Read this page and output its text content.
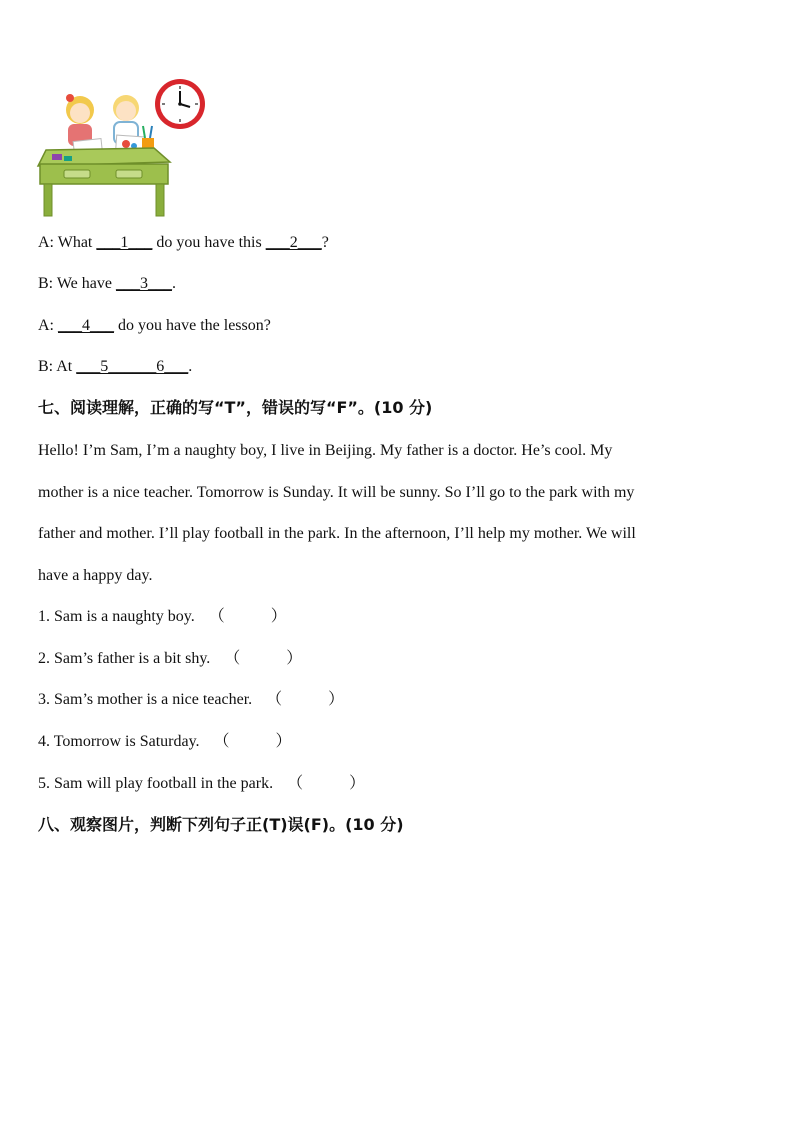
A: What ___1___ do you have this ___2___?
B: We have ___3___.
A: ___4___ do you have the lesson?
B: At ___5______6___.
七、阅读理解，正确的写“T”，错误的写“F”。(10 分)
Hello! I’m Sam, I’m a naughty boy, I live in Beijing. My father is a doctor. He’s cool. My
mother is a nice teacher. Tomorrow is Sunday. It will be sunny. So I’ll go to the park with my
father and mother. I’ll play football in the park. In the afternoon, I’ll help my mother. We will
have a happy day.
1. Sam is a naughty boy. （	）
2. Sam’s father is a bit shy. （	）
3. Sam’s mother is a nice teacher. （	）
4. Tomorrow is Saturday. （	）
5. Sam will play football in the park. （	）
八、观察图片，判断下列句子正(T)误(F)。(10 分)
